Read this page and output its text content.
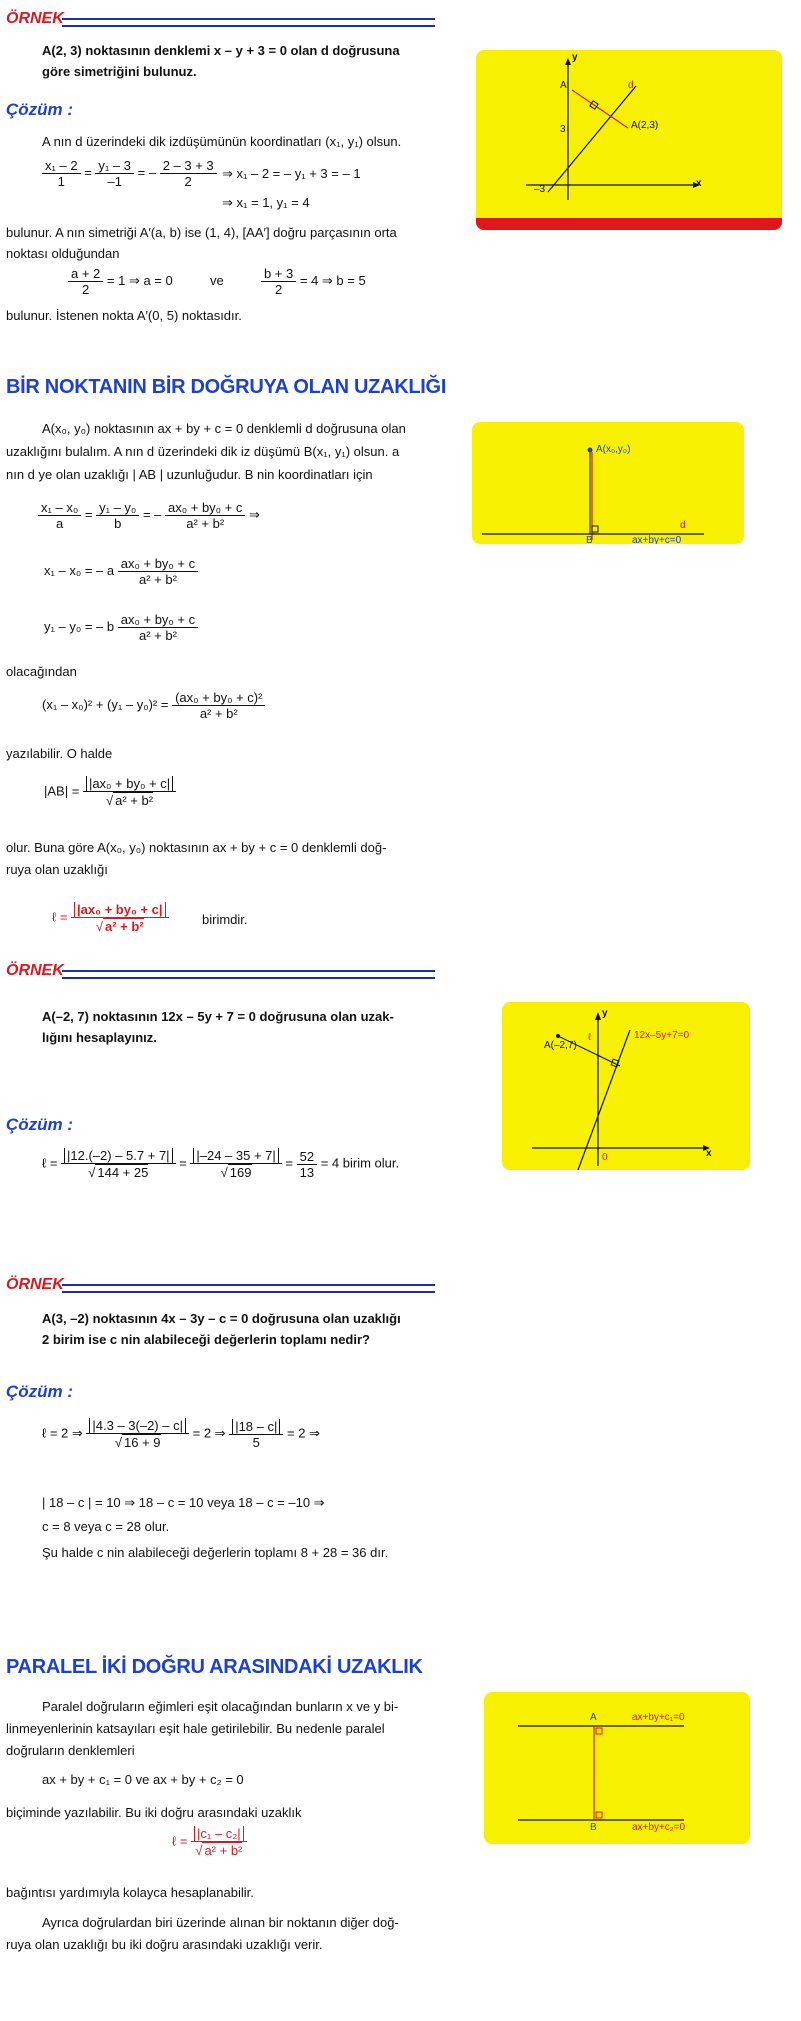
ÖRNEK
A(2, 3) noktasının denklemi x – y + 3 = 0 olan d doğrusuna
göre simetriğini bulunuz.
Çözüm :
A nın d üzerindeki dik izdüşümünün koordinatları (x₁, y₁) olsun.
$\frac{\text{x₁ – 2}}{1} = \frac{\text{y₁ – 3}}{-1}$ = – $\frac{2 - 3 + 3}{2}$ ⇒ x₁ – 2 = – y₁ + 3 = – 1
⇒ x₁ = 1, y₁ = 4
bulunur. A nın simetriği A′(a, b) ise (1, 4), [AA′] doğru parçasının orta
noktası olduğundan
$\frac{a + 2}{2} = 1$ ⇒ a = 0	ve	$\frac{b + 3}{2} = 4$ ⇒ b = 5
bulunur. İstenen nokta A′(0, 5) noktasıdır.
y
x
A′	d
A(2,3)
3
–3
BİR NOKTANIN BİR DOĞRUYA OLAN UZAKLIĞI
A(x₀, y₀) noktasının ax + by + c = 0 denklemli d doğrusuna olan
uzaklığını bulalım. A nın d üzerindeki dik iz düşümü B(x₁, y₁) olsun. a
nın d ye olan uzaklığı | AB | uzunluğudur. B nin koordinatları için
$\frac{\text{x₁ – x₀}}{a} = \frac{\text{y₁ – y₀}}{b}$ = – $\frac{\text{ax₀ + by₀ + c}}{\text{a² + b²}}$ ⇒
x₁ – x₀ = – a $\frac{\text{ax₀ + by₀ + c}}{\text{a² + b²}}$
y₁ – y₀ = – b $\frac{\text{ax₀ + by₀ + c}}{\text{a² + b²}}$
olacağından
$(x_1 - x_0)^2 + (y_1 - y_0)^2 = \frac{\text{(ax₀ + by₀ + c)²}}{\text{a² + b²}}$
yazılabilir. O halde
$|AB| = \frac{\text{|ax₀ + by₀ + c|}}{\text{√ a² + b²}}$
olur. Buna göre A(x₀, y₀) noktasının ax + by + c = 0 denklemli doğ-
ruya olan uzaklığı
ℓ = $\frac{\text{|ax₀ + by₀ + c|}}{\text{√ a² + b²}}$	birimdir.
A(x₀,y₀)
B
d
ax+by+c=0
ÖRNEK
A(–2, 7) noktasının 12x – 5y + 7 = 0 doğrusuna olan uzak-
lığını hesaplayınız.
Çözüm :
ℓ = $\frac{|12.(-2) - 5.7 + 7|}{√ 144 + 25} = \frac{|-24 - 35 + 7|}{√ 169} = \frac{52}{13} = 4$ birim olur.
y
x
A(–2,7)
ℓ	12x–5y+7=0
0
ÖRNEK
A(3, –2) noktasının 4x – 3y – c = 0 doğrusuna olan uzaklığı
2 birim ise c nin alabileceği değerlerin toplamı nedir?
Çözüm :
ℓ = 2 ⇒ $\frac{|4.3 - 3(-2) - c|}{√ 16 + 9} = 2$ ⇒ $\frac{|18 - c|}{5} = 2$ ⇒
| 18 – c | = 10 ⇒ 18 – c = 10 veya 18 – c = –10 ⇒
c = 8 veya c = 28 olur.
Şu halde c nin alabileceği değerlerin toplamı 8 + 28 = 36 dır.
PARALEL İKİ DOĞRU ARASINDAKİ UZAKLIK
Paralel doğruların eğimleri eşit olacağından bunların x ve y bi-
linmeyenlerinin katsayıları eşit hale getirilebilir. Bu nedenle paralel
doğruların denklemleri
ax + by + c₁ = 0 ve ax + by + c₂ = 0
biçiminde yazılabilir. Bu iki doğru arasındaki uzaklık
ℓ = $\frac{\text{|c₁ – c₂|}}{\text{√ a² + b²}}$
bağıntısı yardımıyla kolayca hesaplanabilir.
Ayrıca doğrulardan biri üzerinde alınan bir noktanın diğer doğ-
ruya olan uzaklığı bu iki doğru arasındaki uzaklığı verir.
A
B
ax+by+c₁=0
ax+by+c₂=0
